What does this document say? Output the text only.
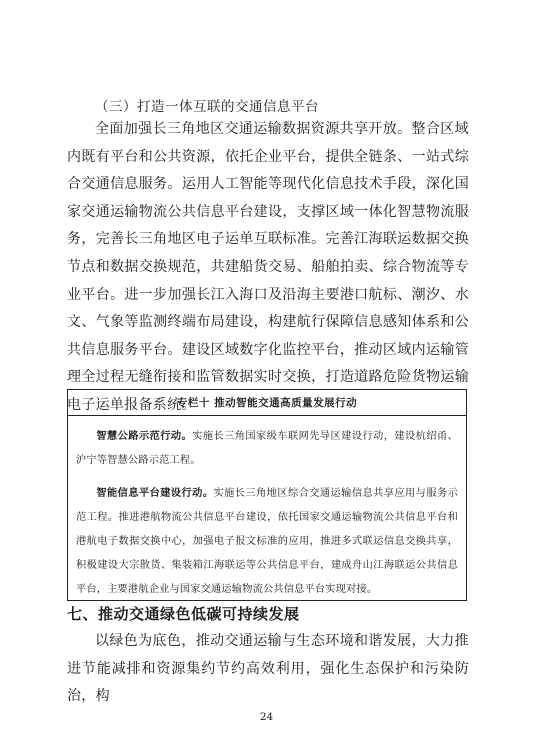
（三）打造一体互联的交通信息平台
全面加强长三角地区交通运输数据资源共享开放。整合区域内既有平台和公共资源，依托企业平台，提供全链条、一站式综合交通信息服务。运用人工智能等现代化信息技术手段，深化国家交通运输物流公共信息平台建设，支撑区域一体化智慧物流服务，完善长三角地区电子运单互联标准。完善江海联运数据交换节点和数据交换规范，共建船货交易、船舶拍卖、综合物流等专业平台。进一步加强长江入海口及沿海主要港口航标、潮汐、水文、气象等监测终端布局建设，构建航行保障信息感知体系和公共信息服务平台。建设区域数字化监控平台，推动区域内运输管理全过程无缝衔接和监管数据实时交换，打造道路危险货物运输电子运单报备系统。
专栏十 推动智能交通高质量发展行动

智慧公路示范行动。实施长三角国家级车联网先导区建设行动，建设杭绍甬、沪宁等智慧公路示范工程。

智能信息平台建设行动。实施长三角地区综合交通运输信息共享应用与服务示范工程。推进港航物流公共信息平台建设，依托国家交通运输物流公共信息平台和港航电子数据交换中心，加强电子报文标准的应用，推进多式联运信息交换共享，积极建设大宗散货、集装箱江海联运等公共信息平台，建成舟山江海联运公共信息平台，主要港航企业与国家交通运输物流公共信息平台实现对接。

七、推动交通绿色低碳可持续发展
以绿色为底色，推动交通运输与生态环境和谐发展，大力推进节能减排和资源集约节约高效利用，强化生态保护和污染防治，构
24
